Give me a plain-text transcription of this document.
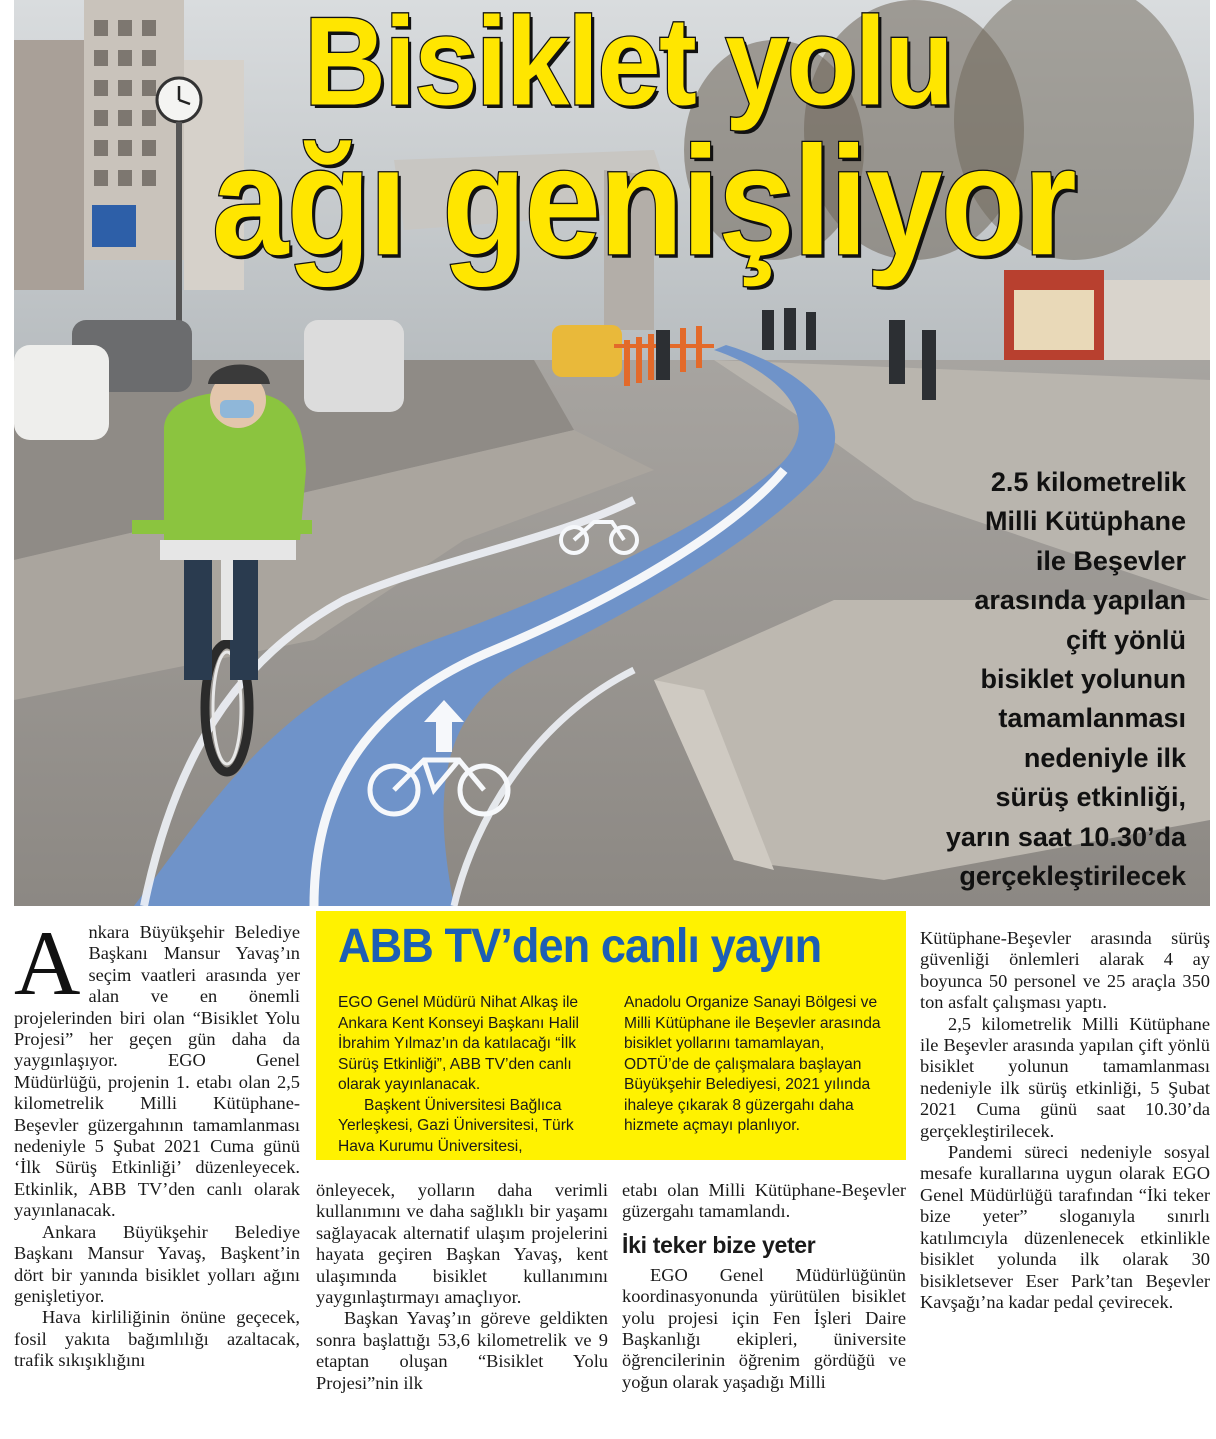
Bisiklet yolu
ağı genişliyor
2.5 kilometrelik
Milli Kütüphane
ile Beşevler
arasında yapılan
çift yönlü
bisiklet yolunun
tamamlanması
nedeniyle ilk
sürüş etkinliği,
yarın saat 10.30’da
gerçekleştirilecek

Ankara Büyükşehir Belediye Başkanı Mansur Yavaş’ın seçim vaatleri arasında yer alan ve en önemli projelerinden biri olan “Bisiklet Yolu Projesi” her geçen gün daha da yaygınlaşıyor. EGO Genel Müdürlüğü, projenin 1. etabı olan 2,5 kilometrelik Milli Kütüphane-Beşevler güzergahının tamamlanması nedeniyle 5 Şubat 2021 Cuma günü ‘İlk Sürüş Etkinliği’ düzenleyecek. Etkinlik, ABB TV’den canlı olarak yayınlanacak.

Ankara Büyükşehir Belediye Başkanı Mansur Yavaş, Başkent’in dört bir yanında bisiklet yolları ağını genişletiyor.

Hava kirliliğinin önüne geçecek, fosil yakıta bağımlılığı azaltacak, trafik sıkışıklığını

ABB TV’den canlı yayın

EGO Genel Müdürü Nihat Alkaş ile Ankara Kent Konseyi Başkanı Halil İbrahim Yılmaz’ın da katılacağı “İlk Sürüş Etkinliği”, ABB TV’den canlı olarak yayınlanacak.

Başkent Üniversitesi Bağlıca Yerleşkesi, Gazi Üniversitesi, Türk Hava Kurumu Üniversitesi,

Anadolu Organize Sanayi Bölgesi ve Milli Kütüphane ile Beşevler arasında bisiklet yollarını tamamlayan, ODTÜ’de de çalışmalara başlayan Büyükşehir Belediyesi, 2021 yılında ihaleye çıkarak 8 güzergahı daha hizmete açmayı planlıyor.

önleyecek, yolların daha verimli kullanımını ve daha sağlıklı bir yaşamı sağlayacak alternatif ulaşım projelerini hayata geçiren Başkan Yavaş, kent ulaşımında bisiklet kullanımını yaygınlaştırmayı amaçlıyor.

Başkan Yavaş’ın göreve geldikten sonra başlattığı 53,6 kilometrelik ve 9 etaptan oluşan “Bisiklet Yolu Projesi”nin ilk

etabı olan Milli Kütüphane-Beşevler güzergahı tamamlandı.

İki teker bize yeter

EGO Genel Müdürlüğünün koordinasyonunda yürütülen bisiklet yolu projesi için Fen İşleri Daire Başkanlığı ekipleri, üniversite öğrencilerinin öğrenim gördüğü ve yoğun olarak yaşadığı Milli

Kütüphane-Beşevler arasında sürüş güvenliği önlemleri alarak 4 ay boyunca 50 personel ve 25 araçla 350 ton asfalt çalışması yaptı.

2,5 kilometrelik Milli Kütüphane ile Beşevler arasında yapılan çift yönlü bisiklet yolunun tamamlanması nedeniyle ilk sürüş etkinliği, 5 Şubat 2021 Cuma günü saat 10.30’da gerçekleştirilecek.

Pandemi süreci nedeniyle sosyal mesafe kurallarına uygun olarak EGO Genel Müdürlüğü tarafından “İki teker bize yeter” sloganıyla sınırlı katılımcıyla düzenlenecek etkinlikle bisiklet yolunda ilk olarak 30 bisikletsever Eser Park’tan Beşevler Kavşağı’na kadar pedal çevirecek.
